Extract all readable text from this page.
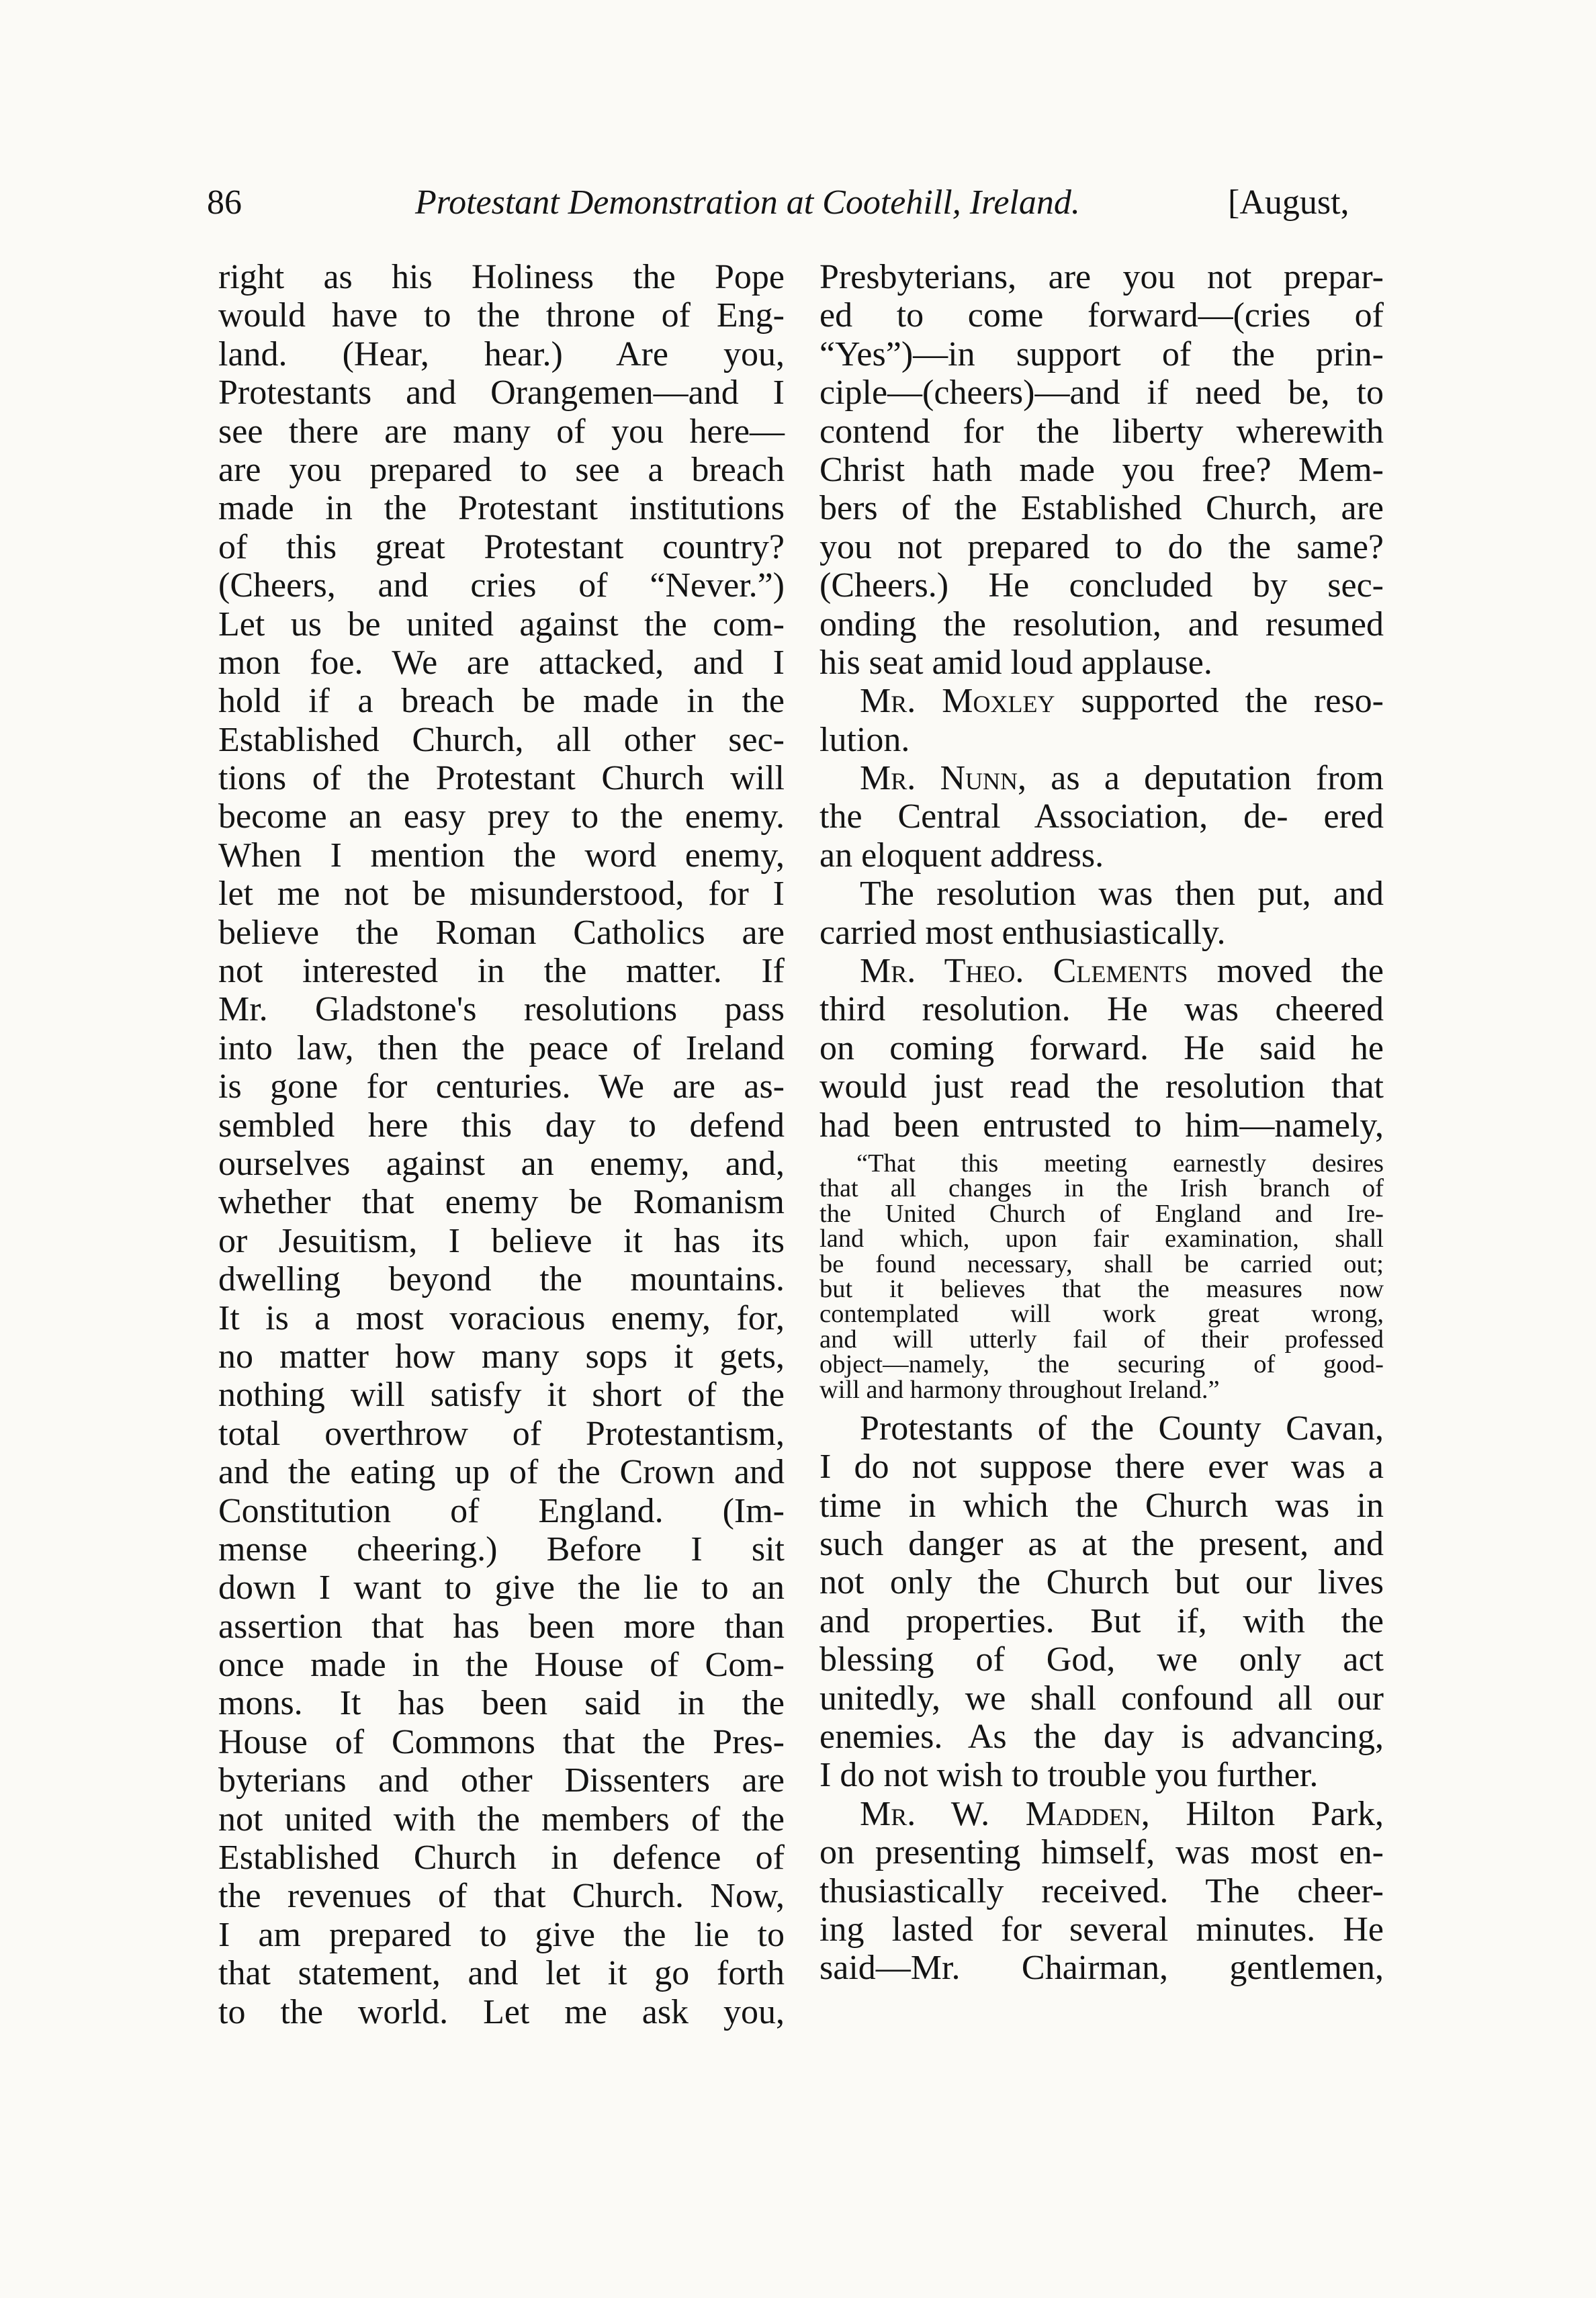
86	Protestant Demonstration at Cootehill, Ireland.	[August,
right as his Holiness the Pope
would have to the throne of Eng-
land. (Hear, hear.) Are you,
Protestants and Orangemen—and I
see there are many of you here—
are you prepared to see a breach
made in the Protestant institutions
of this great Protestant country?
(Cheers, and cries of “Never.”)
Let us be united against the com-
mon foe. We are attacked, and I
hold if a breach be made in the
Established Church, all other sec-
tions of the Protestant Church will
become an easy prey to the enemy.
When I mention the word enemy,
let me not be misunderstood, for I
believe the Roman Catholics are
not interested in the matter. If
Mr. Gladstone's resolutions pass
into law, then the peace of Ireland
is gone for centuries. We are as-
sembled here this day to defend
ourselves against an enemy, and,
whether that enemy be Romanism
or Jesuitism, I believe it has its
dwelling beyond the mountains.
It is a most voracious enemy, for,
no matter how many sops it gets,
nothing will satisfy it short of the
total overthrow of Protestantism,
and the eating up of the Crown and
Constitution of England. (Im-
mense cheering.) Before I sit
down I want to give the lie to an
assertion that has been more than
once made in the House of Com-
mons. It has been said in the
House of Commons that the Pres-
byterians and other Dissenters are
not united with the members of the
Established Church in defence of
the revenues of that Church. Now,
I am prepared to give the lie to
that statement, and let it go forth
to the world. Let me ask you,
Presbyterians, are you not prepar-
ed to come forward—(cries of
“Yes”)—in support of the prin-
ciple—(cheers)—and if need be, to
contend for the liberty wherewith
Christ hath made you free? Mem-
bers of the Established Church, are
you not prepared to do the same?
(Cheers.) He concluded by sec-
onding the resolution, and resumed
his seat amid loud applause.
Mr. Moxley supported the reso-
lution.
Mr. Nunn, as a deputation from
the Central Association, de- ered
an eloquent address.
The resolution was then put, and
carried most enthusiastically.
Mr. Theo. Clements moved the
third resolution. He was cheered
on coming forward. He said he
would just read the resolution that
had been entrusted to him—namely,
“That this meeting earnestly desires
that all changes in the Irish branch of
the United Church of England and Ire-
land which, upon fair examination, shall
be found necessary, shall be carried out;
but it believes that the measures now
contemplated will work great wrong,
and will utterly fail of their professed
object—namely, the securing of good-
will and harmony throughout Ireland.”
Protestants of the County Cavan,
I do not suppose there ever was a
time in which the Church was in
such danger as at the present, and
not only the Church but our lives
and properties. But if, with the
blessing of God, we only act
unitedly, we shall confound all our
enemies. As the day is advancing,
I do not wish to trouble you further.
Mr. W. Madden, Hilton Park,
on presenting himself, was most en-
thusiastically received. The cheer-
ing lasted for several minutes. He
said—Mr. Chairman, gentlemen,
